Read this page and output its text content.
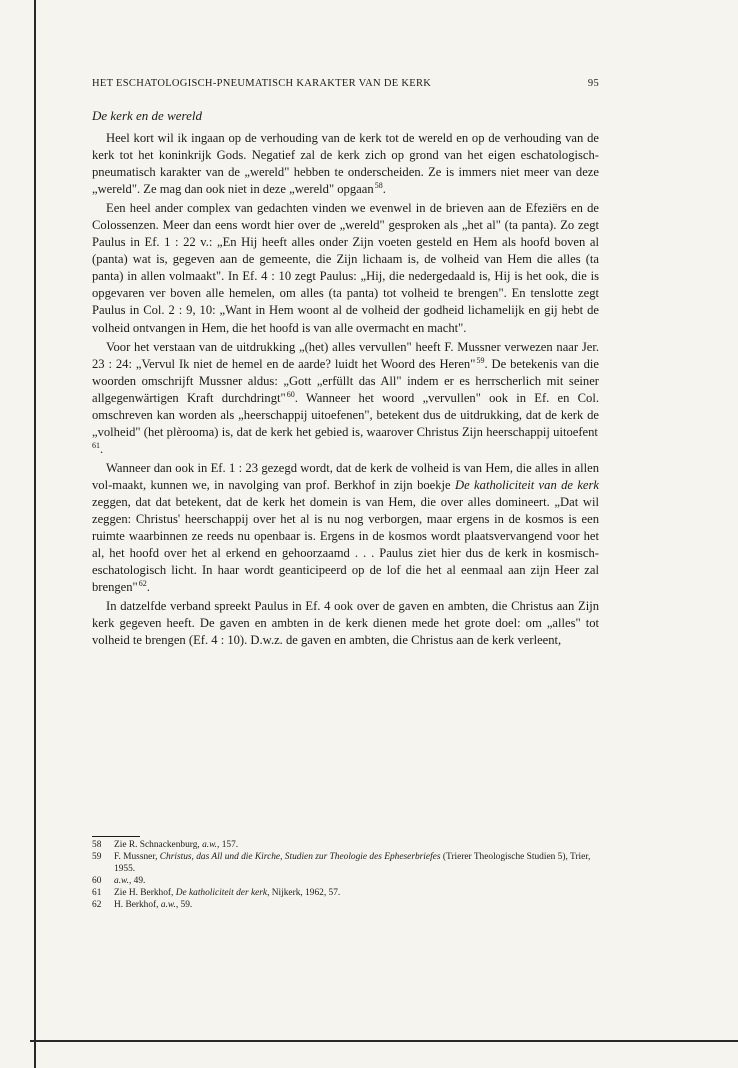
HET ESCHATOLOGISCH-PNEUMATISCH KARAKTER VAN DE KERK	95
De kerk en de wereld

Heel kort wil ik ingaan op de verhouding van de kerk tot de wereld en op de verhouding van de kerk tot het koninkrijk Gods. Negatief zal de kerk zich op grond van het eigen eschatologisch-pneumatisch karakter van de „wereld" hebben te onderscheiden. Ze is immers niet meer van deze „wereld". Ze mag dan ook niet in deze „wereld" opgaan $^{58}$.

Een heel ander complex van gedachten vinden we evenwel in de brieven aan de Efeziërs en de Colossenzen. Meer dan eens wordt hier over de „wereld" gesproken als „het al" (ta panta). Zo zegt Paulus in Ef. 1 : 22 v.: „En Hij heeft alles onder Zijn voeten gesteld en Hem als hoofd boven al (panta) wat is, gegeven aan de gemeente, die Zijn lichaam is, de volheid van Hem die alles (ta panta) in allen volmaakt". In Ef. 4 : 10 zegt Paulus: „Hij, die nedergedaald is, Hij is het ook, die is opgevaren ver boven alle hemelen, om alles (ta panta) tot volheid te brengen". En tenslotte zegt Paulus in Col. 2 : 9, 10: „Want in Hem woont al de volheid der godheid lichamelijk en gij hebt de volheid ontvangen in Hem, die het hoofd is van alle overmacht en macht".

Voor het verstaan van de uitdrukking „(het) alles vervullen" heeft F. Mussner verwezen naar Jer. 23 : 24: „Vervul Ik niet de hemel en de aarde? luidt het Woord des Heren" $^{59}$. De betekenis van die woorden omschrijft Mussner aldus: „Gott „erfüllt das All" indem er es herrscherlich mit seiner allgegenwärtigen Kraft durchdringt" $^{60}$. Wanneer het woord „vervullen" ook in Ef. en Col. omschreven kan worden als „heerschappij uitoefenen", betekent dus de uitdrukking, dat de kerk de „volheid" (het plèrooma) is, dat de kerk het gebied is, waarover Christus Zijn heerschappij uitoefent $^{61}$.

Wanneer dan ook in Ef. 1 : 23 gezegd wordt, dat de kerk de volheid is van Hem, die alles in allen vol-maakt, kunnen we, in navolging van prof. Berkhof in zijn boekje De katholiciteit van de kerk zeggen, dat dat betekent, dat de kerk het domein is van Hem, die over alles domineert. „Dat wil zeggen: Christus' heerschappij over het al is nu nog verborgen, maar ergens in de kosmos is een ruimte waarbinnen ze reeds nu openbaar is. Ergens in de kosmos wordt plaatsvervangend voor het al, het hoofd over het al erkend en gehoorzaamd . . . Paulus ziet hier dus de kerk in kosmisch-eschatologisch licht. In haar wordt geanticipeerd op de lof die het al eenmaal aan zijn Heer zal brengen" $^{62}$.

In datzelfde verband spreekt Paulus in Ef. 4 ook over de gaven en ambten, die Christus aan Zijn kerk gegeven heeft. De gaven en ambten in de kerk dienen mede het grote doel: om „alles" tot volheid te brengen (Ef. 4 : 10). D.w.z. de gaven en ambten, die Christus aan de kerk verleent,

58	Zie R. Schnackenburg, a.w., 157.
59	F. Mussner, Christus, das All und die Kirche, Studien zur Theologie des Epheserbriefes (Trierer Theologische Studien 5), Trier, 1955.
60	a.w., 49.
61	Zie H. Berkhof, De katholiciteit der kerk, Nijkerk, 1962, 57.
62	H. Berkhof, a.w., 59.
